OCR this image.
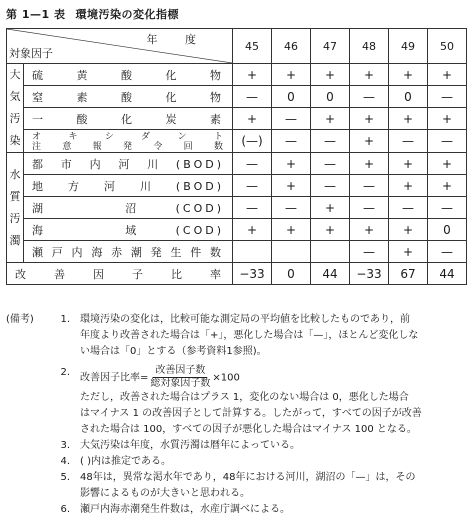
第 1—1 表 環境汚染の変化指標
年 度
対象因子		45	46	47	48	49	50

大
気
汚
染	硫黄酸化物	+	+	+	+	+	+
	窒素酸化物	—	0	0	—	0	—
	一酸化炭素	+	—	+	+	+	+

	オキシダント
注意報発令回数	(—)	—	—	+	—	—

水
質
汚
濁	都市内河川(BOD)	—	+	—	+	+	+
	地方河川(BOD)	—	+	—	—	+	+
	湖 沼(COD)	—	—	+	—	—	—
	海 域(COD)	+	+	+	+	+	0
	瀬戸内海赤潮発生件数				—	+	—
改善因子比率		−33	0	44	−33	67	44
(備考)	1.	環境汚染の変化は，比較可能な測定局の平均値を比較したものであり，前
年度より改善された場合は「+」，悪化した場合は「—」，ほとんど変化しな
い場合は「0」とする（参考資料1参照)。
2.	改善因子比率= $\frac{\text{改善因子数}}{\text{総対象因子数}} \times 100$
ただし，改善された場合はプラス 1，変化のない場合は 0，悪化した場合
はマイナス 1 の改善因子として計算する。したがって，すべての因子が改善
された場合は 100，すべての因子が悪化した場合はマイナス 100 となる。
3.	大気汚染は年度，水質汚濁は暦年によっている。
4.	( )内は推定である。
5.	48年は，異常な渇水年であり，48年における河川，湖沼の「—」は，その
影響によるものが大きいと思われる。
6.	瀬戸内海赤潮発生件数は，水産庁調べによる。
